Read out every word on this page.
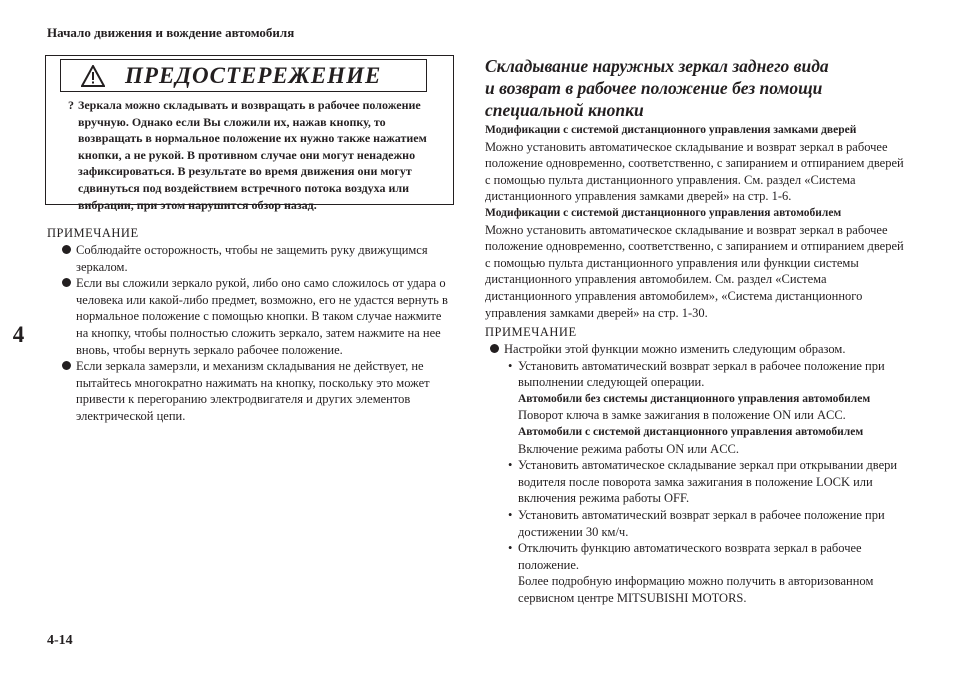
Начало движения и вождение автомобиля
4
4-14
ПРЕДОСТЕРЕЖЕНИЕ
? Зеркала можно складывать и возвращать в рабочее положение вручную. Однако если Вы сложили их, нажав кнопку, то возвращать в нормальное положение их нужно также нажатием кнопки, а не рукой. В противном случае они могут ненадежно зафиксироваться. В результате во время движения они могут сдвинуться под воздействием встречного потока воздуха или вибрации, при этом нарушится обзор назад.
ПРИМЕЧАНИЕ
Соблюдайте осторожность, чтобы не защемить руку движущимся зеркалом.
Если вы сложили зеркало рукой, либо оно само сложилось от удара о человека или какой-либо предмет, возможно, его не удастся вернуть в нормальное положение с помощью кнопки. В таком случае нажмите на кнопку, чтобы полностью сложить зеркало, затем нажмите на нее вновь, чтобы вернуть зеркало рабочее положение.
Если зеркала замерзли, и механизм складывания не действует, не пытайтесь многократно нажимать на кнопку, поскольку это может привести к перегоранию электродвигателя и других элементов электрической цепи.
Складывание наружных зеркал заднего вида
и возврат в рабочее положение без помощи
специальной кнопки
Модификации с системой дистанционного управления замками дверей
Можно установить автоматическое складывание и возврат зеркал в рабочее положение одновременно, соответственно, с запиранием и отпиранием дверей с помощью пульта дистанционного управления. См. раздел «Система дистанционного управления замками дверей» на стр. 1-6.
Модификации с системой дистанционного управления автомобилем
Можно установить автоматическое складывание и возврат зеркал в рабочее положение одновременно, соответственно, с запиранием и отпиранием дверей с помощью пульта дистанционного управления или функции системы дистанционного управления автомобилем. См. раздел «Система дистанционного управления автомобилем», «Система дистанционного управления замками дверей» на стр. 1-30.
ПРИМЕЧАНИЕ
Настройки этой функции можно изменить следующим образом.
• Установить автоматический возврат зеркал в рабочее положение при выполнении следующей операции.
Автомобили без системы дистанционного управления автомобилем
Поворот ключа в замке зажигания в положение ON или ACC.
Автомобили с системой дистанционного управления автомобилем
Включение режима работы ON или ACC.
• Установить автоматическое складывание зеркал при открывании двери водителя после поворота замка зажигания в положение LOCK или включения режима работы OFF.
• Установить автоматический возврат зеркал в рабочее положение при достижении 30 км/ч.
• Отключить функцию автоматического возврата зеркал в рабочее положение.
Более подробную информацию можно получить в авторизованном сервисном центре MITSUBISHI MOTORS.
